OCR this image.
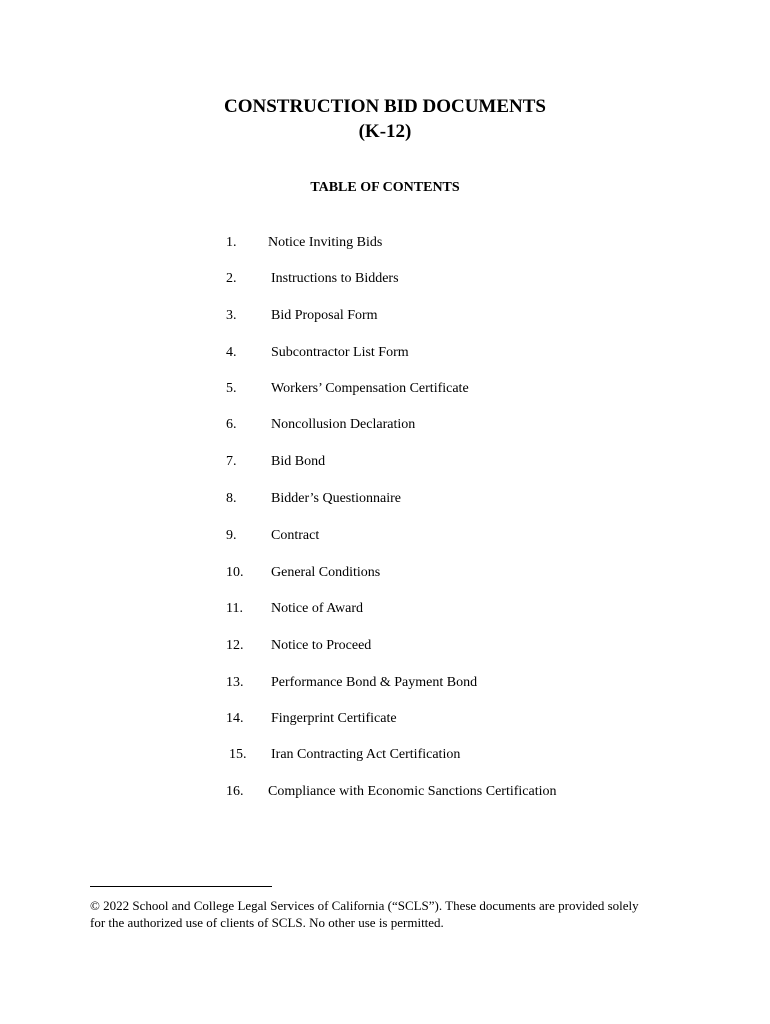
CONSTRUCTION BID DOCUMENTS
(K-12)
TABLE OF CONTENTS
1. Notice Inviting Bids
2. Instructions to Bidders
3. Bid Proposal Form
4. Subcontractor List Form
5. Workers’ Compensation Certificate
6. Noncollusion Declaration
7. Bid Bond
8. Bidder’s Questionnaire
9. Contract
10. General Conditions
11. Notice of Award
12. Notice to Proceed
13. Performance Bond & Payment Bond
14. Fingerprint Certificate
15. Iran Contracting Act Certification
16. Compliance with Economic Sanctions Certification
© 2022 School and College Legal Services of California (“SCLS”). These documents are provided solely
for the authorized use of clients of SCLS. No other use is permitted.
